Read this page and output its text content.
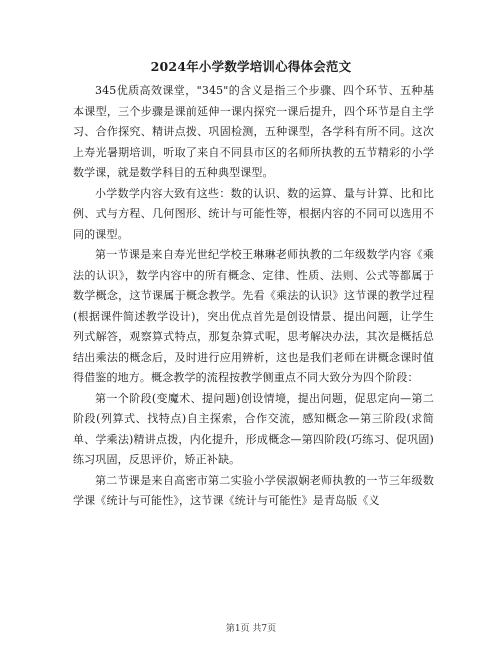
2024年小学数学培训心得体会范文

345优质高效课堂，"345"的含义是指三个步骤、四个环节、五种基本课型，三个步骤是课前延伸一课内探究一课后提升，四个环节是自主学习、合作探究、精讲点拨、巩固检测，五种课型，各学科有所不同。这次上寿光暑期培训，听取了来自不同县市区的名师所执教的五节精彩的小学数学课，就是数学科目的五种典型课型。

小学数学内容大致有这些：数的认识、数的运算、量与计算、比和比例、式与方程、几何图形、统计与可能性等，根据内容的不同可以选用不同的课型。

第一节课是来自寿光世纪学校王琳琳老师执教的二年级数学内容《乘法的认识》，数学内容中的所有概念、定律、性质、法则、公式等都属于数学概念，这节课属于概念教学。先看《乘法的认识》这节课的教学过程(根据课件简述教学设计)，突出优点首先是创设情景、提出问题，让学生列式解答，观察算式特点，那复杂算式呢，思考解决办法，其次是概括总结出乘法的概念后，及时进行应用辨析，这也是我们老师在讲概念课时值得借鉴的地方。概念教学的流程按教学侧重点不同大致分为四个阶段：

第一个阶段(变魔术、提问题)创设情境，提出问题，促思定向—第二阶段(列算式、找特点)自主探索，合作交流，感知概念—第三阶段(求简单、学乘法)精讲点拨，内化提升，形成概念—第四阶段(巧练习、促巩固)练习巩固，反思评价，矫正补缺。

第二节课是来自高密市第二实验小学侯淑娴老师执教的一节三年级数学课《统计与可能性》，这节课《统计与可能性》是青岛版《义

第1页 共7页
